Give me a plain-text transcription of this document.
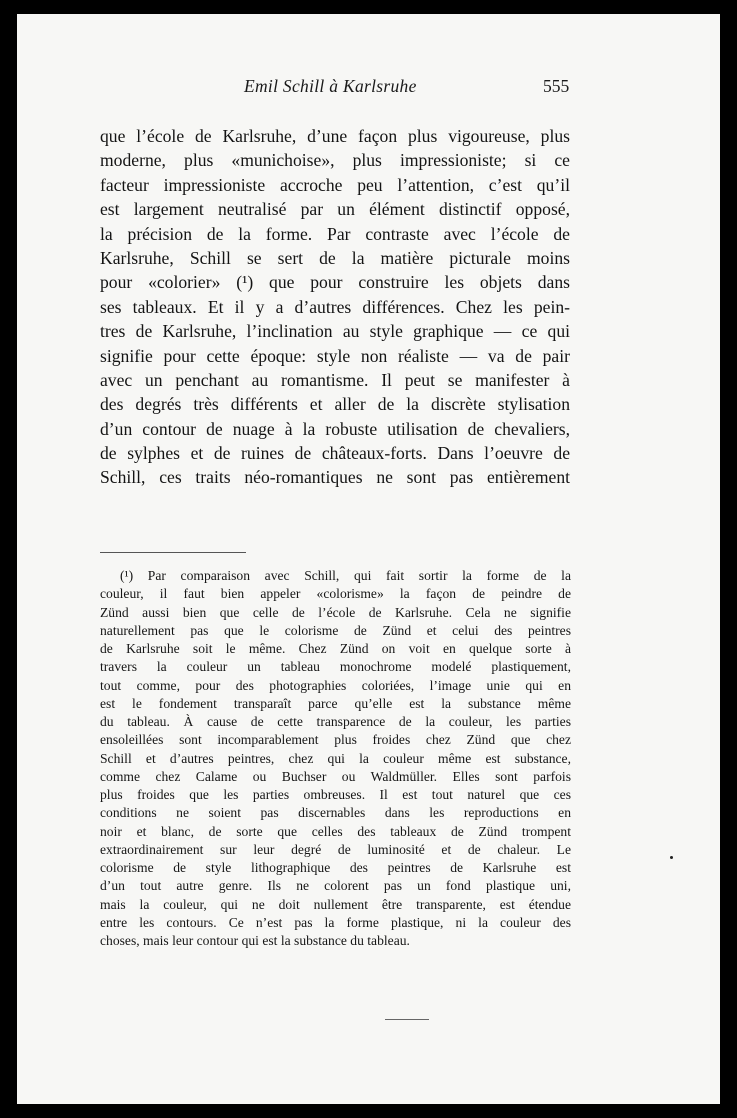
Emil Schill à Karlsruhe	555
que l’école de Karlsruhe, d’une façon plus vigoureuse, plus
moderne, plus «munichoise», plus impressioniste; si ce
facteur impressioniste accroche peu l’attention, c’est qu’il
est largement neutralisé par un élément distinctif opposé,
la précision de la forme. Par contraste avec l’école de
Karlsruhe, Schill se sert de la matière picturale moins
pour «colorier» (¹) que pour construire les objets dans
ses tableaux. Et il y a d’autres différences. Chez les pein-
tres de Karlsruhe, l’inclination au style graphique — ce qui
signifie pour cette époque: style non réaliste — va de pair
avec un penchant au romantisme. Il peut se manifester à
des degrés très différents et aller de la discrète stylisation
d’un contour de nuage à la robuste utilisation de chevaliers,
de sylphes et de ruines de châteaux-forts. Dans l’oeuvre de
Schill, ces traits néo-romantiques ne sont pas entièrement
(¹) Par comparaison avec Schill, qui fait sortir la forme de la
couleur, il faut bien appeler «colorisme» la façon de peindre de
Zünd aussi bien que celle de l’école de Karlsruhe. Cela ne signifie
naturellement pas que le colorisme de Zünd et celui des peintres
de Karlsruhe soit le même. Chez Zünd on voit en quelque sorte à
travers la couleur un tableau monochrome modelé plastiquement,
tout comme, pour des photographies coloriées, l’image unie qui en
est le fondement transparaît parce qu’elle est la substance même
du tableau. À cause de cette transparence de la couleur, les parties
ensoleillées sont incomparablement plus froides chez Zünd que chez
Schill et d’autres peintres, chez qui la couleur même est substance,
comme chez Calame ou Buchser ou Waldmüller. Elles sont parfois
plus froides que les parties ombreuses. Il est tout naturel que ces
conditions ne soient pas discernables dans les reproductions en
noir et blanc, de sorte que celles des tableaux de Zünd trompent
extraordinairement sur leur degré de luminosité et de chaleur. Le
colorisme de style lithographique des peintres de Karlsruhe est
d’un tout autre genre. Ils ne colorent pas un fond plastique uni,
mais la couleur, qui ne doit nullement être transparente, est étendue
entre les contours. Ce n’est pas la forme plastique, ni la couleur des
choses, mais leur contour qui est la substance du tableau.
